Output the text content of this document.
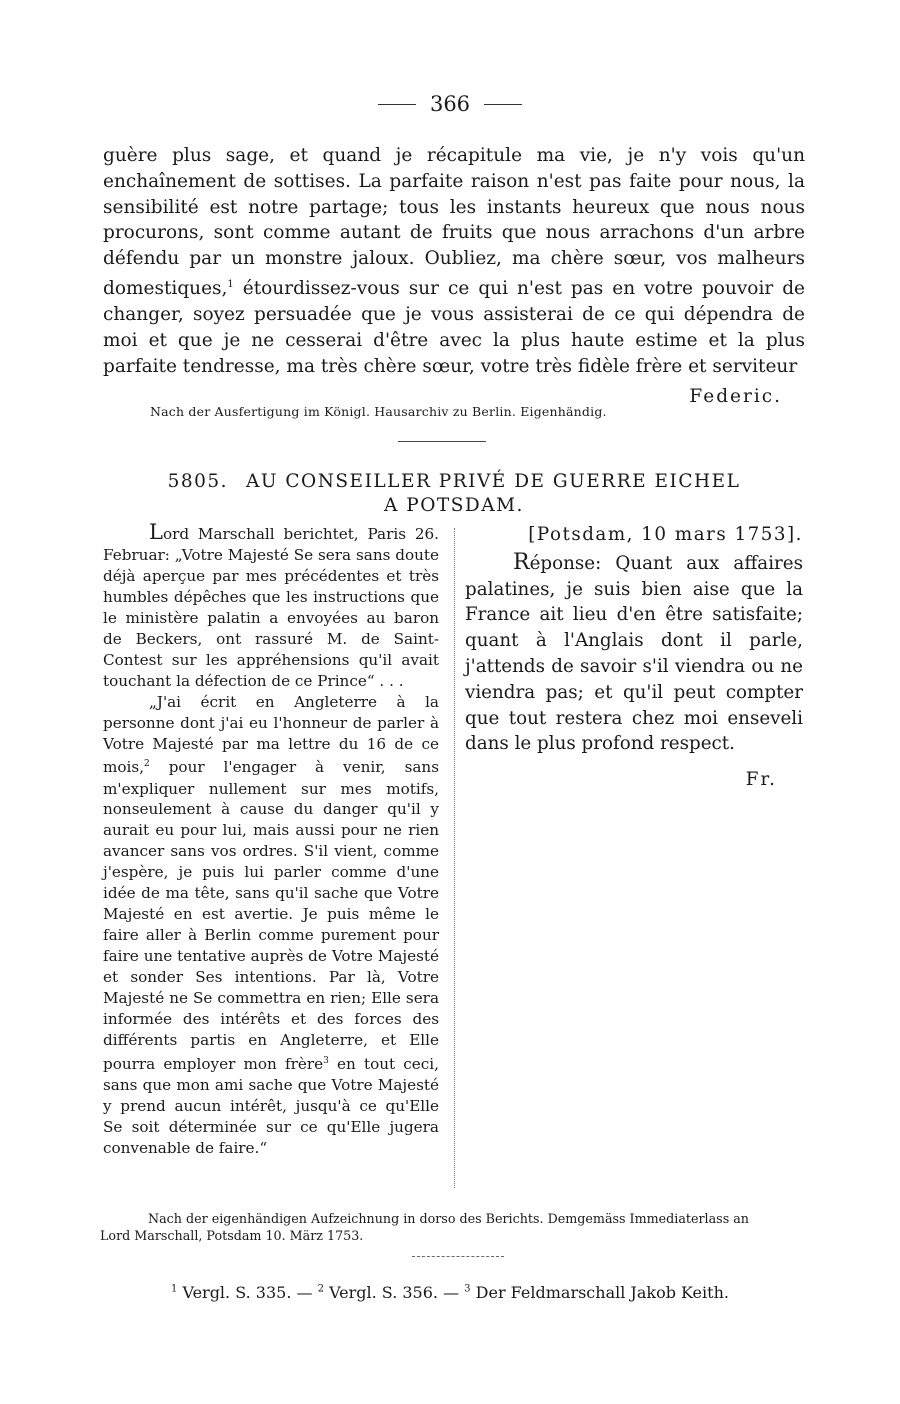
366

guère plus sage, et quand je récapitule ma vie, je n'y vois qu'un enchaînement de sottises. La parfaite raison n'est pas faite pour nous, la sensibilité est notre partage; tous les instants heureux que nous nous procurons, sont comme autant de fruits que nous arrachons d'un arbre défendu par un monstre jaloux. Oubliez, ma chère sœur, vos malheurs domestiques,$^1$ étourdissez-vous sur ce qui n'est pas en votre pouvoir de changer, soyez persuadée que je vous assisterai de ce qui dépendra de moi et que je ne cesserai d'être avec la plus haute estime et la plus parfaite tendresse, ma très chère sœur, votre très fidèle frère et serviteur

Federic.
Nach der Ausfertigung im Königl. Hausarchiv zu Berlin. Eigenhändig.
5805. AU CONSEILLER PRIVÉ DE GUERRE EICHEL
A POTSDAM.

Lord Marschall berichtet, Paris 26. Februar: „Votre Majesté Se sera sans doute déjà aperçue par mes précédentes et très humbles dépêches que les instructions que le ministère palatin a envoyées au baron de Beckers, ont rassuré M. de Saint-Contest sur les appréhensions qu'il avait touchant la défection de ce Prince“ . . .

„J'ai écrit en Angleterre à la personne dont j'ai eu l'honneur de parler à Votre Majesté par ma lettre du 16 de ce mois,$^2$ pour l'engager à venir, sans m'expliquer nullement sur mes motifs, nonseulement à cause du danger qu'il y aurait eu pour lui, mais aussi pour ne rien avancer sans vos ordres. S'il vient, comme j'espère, je puis lui parler comme d'une idée de ma tête, sans qu'il sache que Votre Majesté en est avertie. Je puis même le faire aller à Berlin comme purement pour faire une tentative auprès de Votre Majesté et sonder Ses intentions. Par là, Votre Majesté ne Se commettra en rien; Elle sera informée des intérêts et des forces des différents partis en Angleterre, et Elle pourra employer mon frère$^3$ en tout ceci, sans que mon ami sache que Votre Majesté y prend aucun intérêt, jusqu'à ce qu'Elle Se soit déterminée sur ce qu'Elle jugera convenable de faire.“

[Potsdam, 10 mars 1753].

Réponse: Quant aux affaires palatines, je suis bien aise que la France ait lieu d'en être satisfaite; quant à l'Anglais dont il parle, j'attends de savoir s'il viendra ou ne viendra pas; et qu'il peut compter que tout restera chez moi enseveli dans le plus profond respect.

Fr.

Nach der eigenhändigen Aufzeichnung in dorso des Berichts. Demgemäss Immediaterlass an
Lord Marschall, Potsdam 10. März 1753.
$^1$ Vergl. S. 335. — $^2$ Vergl. S. 356. — $^3$ Der Feldmarschall Jakob Keith.
